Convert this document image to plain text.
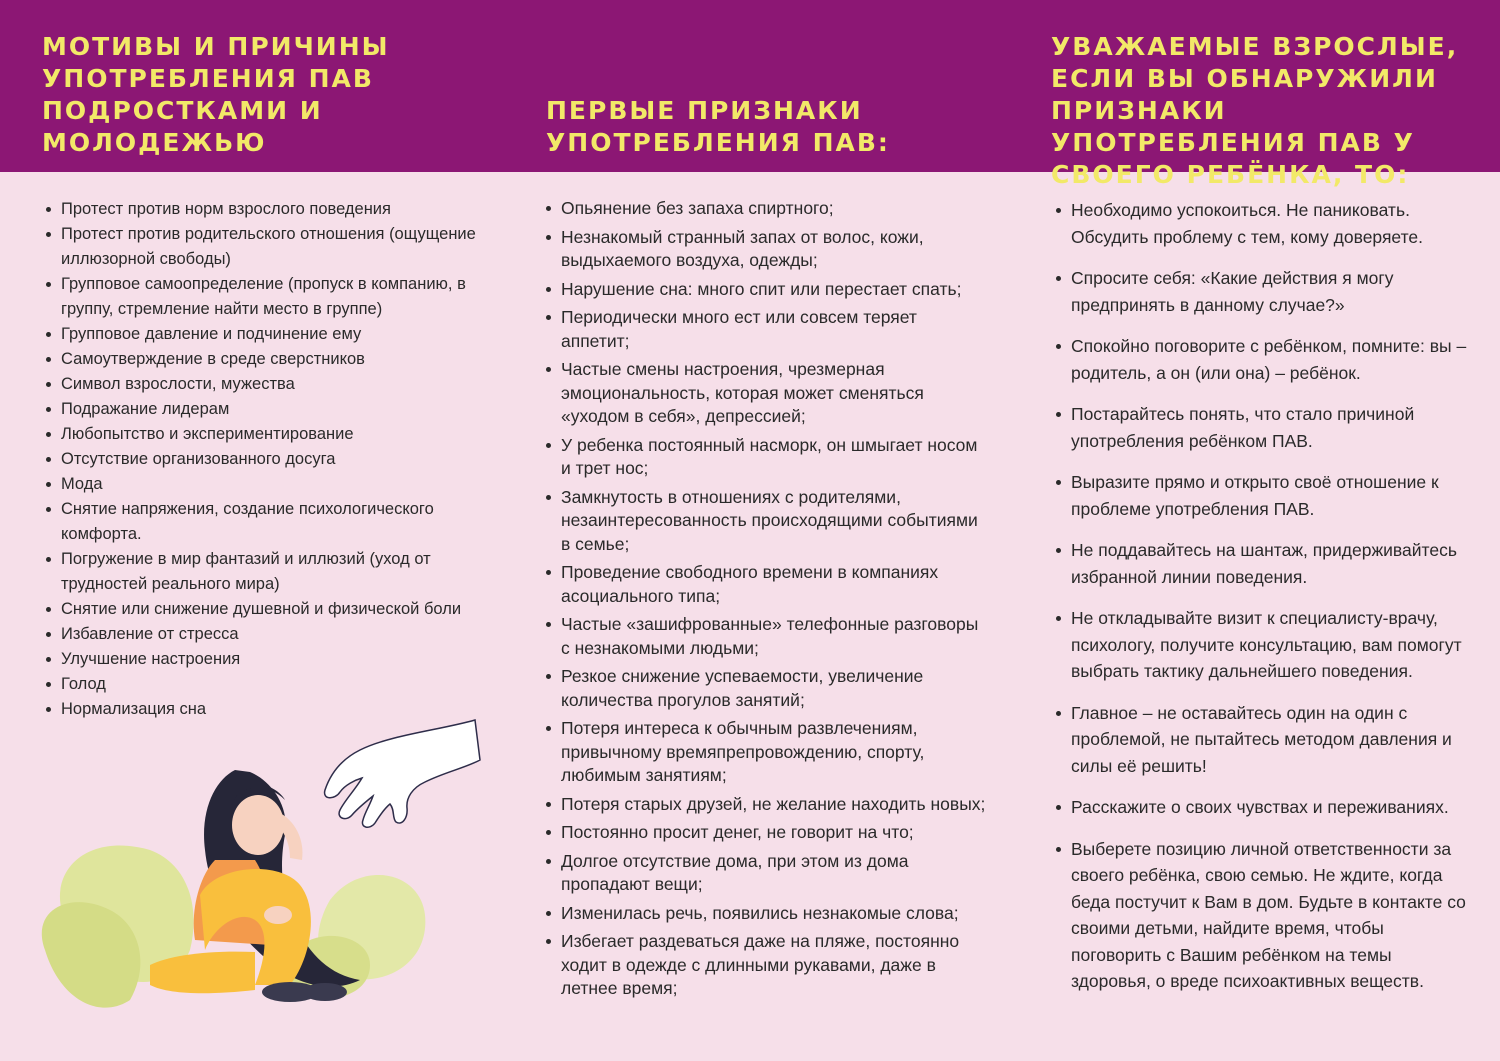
МОТИВЫ И ПРИЧИНЫ УПОТРЕБЛЕНИЯ ПАВ ПОДРОСТКАМИ И МОЛОДЕЖЬЮ
ПЕРВЫЕ ПРИЗНАКИ УПОТРЕБЛЕНИЯ ПАВ:
УВАЖАЕМЫЕ ВЗРОСЛЫЕ, ЕСЛИ ВЫ ОБНАРУЖИЛИ ПРИЗНАКИ УПОТРЕБЛЕНИЯ ПАВ У СВОЕГО РЕБЁНКА, ТО:
Протест против норм взрослого поведения
Протест против родительского отношения (ощущение иллюзорной свободы)
Групповое самоопределение (пропуск в компанию, в группу, стремление найти место в группе)
Групповое давление и подчинение ему
Самоутверждение в среде сверстников
Символ взрослости, мужества
Подражание лидерам
Любопытство и экспериментирование
Отсутствие организованного досуга
Мода
Снятие напряжения, создание психологического комфорта.
Погружение в мир фантазий и иллюзий (уход от трудностей реального мира)
Снятие или снижение душевной и физической боли
Избавление от стресса
Улучшение настроения
Голод
Нормализация сна
Опьянение без запаха спиртного;
Незнакомый странный запах от волос, кожи, выдыхаемого воздуха, одежды;
Нарушение сна: много спит или перестает спать;
Периодически много ест или совсем теряет аппетит;
Частые смены настроения, чрезмерная эмоциональность, которая может сменяться «уходом в себя», депрессией;
У ребенка постоянный насморк, он шмыгает носом и трет нос;
Замкнутость в отношениях с родителями, незаинтересованность происходящими событиями в семье;
Проведение свободного времени в компаниях асоциального типа;
Частые «зашифрованные» телефонные разговоры с незнакомыми людьми;
Резкое снижение успеваемости, увеличение количества прогулов занятий;
Потеря интереса к обычным развлечениям, привычному времяпрепровождению, спорту, любимым занятиям;
Потеря старых друзей, не желание находить новых;
Постоянно просит денег, не говорит на что;
Долгое отсутствие дома, при этом из дома пропадают вещи;
Изменилась речь, появились незнакомые слова;
Избегает раздеваться даже на пляже, постоянно ходит в одежде с длинными рукавами, даже в летнее время;
Необходимо успокоиться. Не паниковать. Обсудить проблему с тем, кому доверяете.
Спросите себя: «Какие действия я могу предпринять в данному случае?»
Спокойно поговорите с ребёнком, помните: вы – родитель, а он (или она) – ребёнок.
Постарайтесь понять, что стало причиной употребления ребёнком ПАВ.
Выразите прямо и открыто своё отношение к проблеме употребления ПАВ.
Не поддавайтесь на шантаж, придерживайтесь избранной линии поведения.
Не откладывайте визит к специалисту-врачу, психологу, получите консультацию, вам помогут выбрать тактику дальнейшего поведения.
Главное – не оставайтесь один на один с проблемой, не пытайтесь методом давления и силы её решить!
Расскажите о своих чувствах и переживаниях.
Выберете позицию личной ответственности за своего ребёнка, свою семью. Не ждите, когда беда постучит к Вам в дом. Будьте в контакте со своими детьми, найдите время, чтобы поговорить с Вашим ребёнком на темы здоровья, о вреде психоактивных веществ.
